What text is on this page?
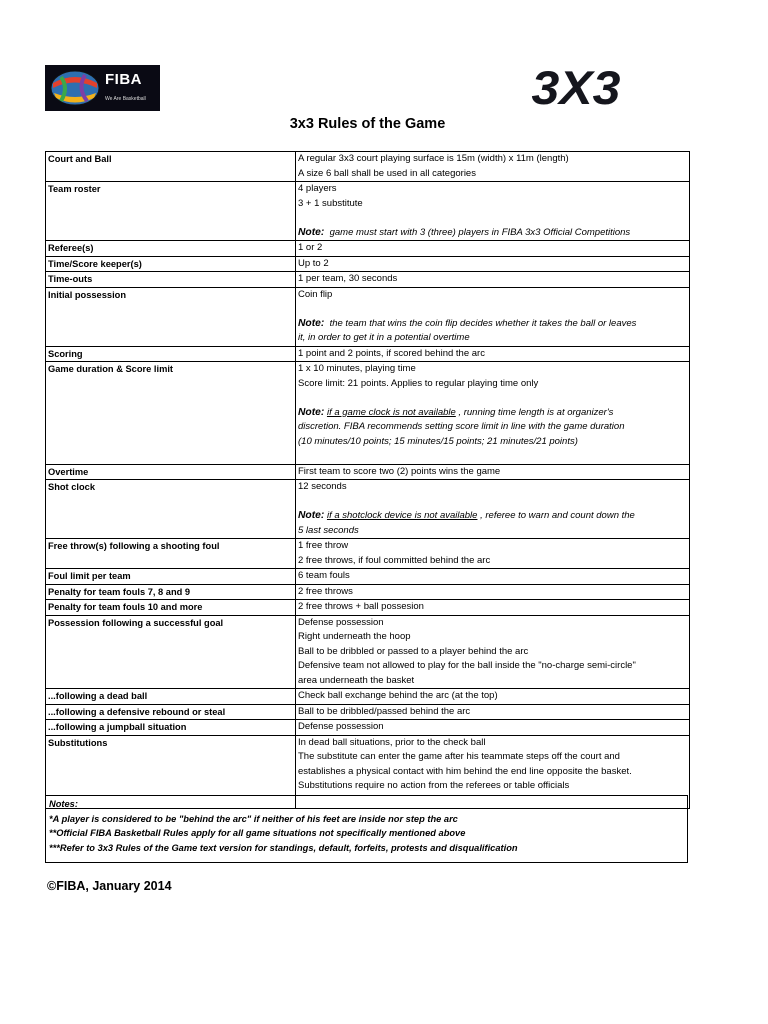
FIBA
We Are Basketball	3X3
3x3 Rules of the Game
Court and Ball	A regular 3x3 court playing surface is 15m (width) x 11m (length)
A size 6 ball shall be used in all categories

Team roster	4 players
3 + 1 substitute

Note:  game must start with 3 (three) players in FIBA 3x3 Official Competitions

Referee(s)	1 or 2

Time/Score keeper(s)	Up to 2

Time-outs	1 per team, 30 seconds

Initial possession	Coin flip

Note:  the team that wins the coin flip decides whether it takes the ball or leaves
it, in order to get it in a potential overtime

Scoring	1 point and 2 points, if scored behind the arc

Game duration & Score limit	1 x 10 minutes, playing time
Score limit: 21 points. Applies to regular playing time only

Note: if a game clock is not available , running time length is at organizer's
discretion. FIBA recommends setting score limit in line with the game duration
(10 minutes/10 points; 15 minutes/15 points; 21 minutes/21 points)

Overtime	First team to score two (2) points wins the game

Shot clock	12 seconds

Note: if a shotclock device is not available , referee to warn and count down the
5 last seconds

Free throw(s) following a shooting foul	1 free throw
2 free throws, if foul committed behind the arc

Foul limit per team	6 team fouls

Penalty for team fouls 7, 8 and 9	2 free throws

Penalty for team fouls 10 and more	2 free throws + ball possesion

Possession following a successful goal	Defense possession
Right underneath the hoop
Ball to be dribbled or passed to a player behind the arc
Defensive team not allowed to play for the ball inside the "no-charge semi-circle"
area underneath the basket

...following a dead ball	Check ball exchange behind the arc (at the top)

...following a defensive rebound or steal	Ball to be dribbled/passed behind the arc

...following a jumpball situation	Defense possession

Substitutions	In dead ball situations, prior to the check ball
The substitute can enter the game after his teammate steps off the court and
establishes a physical contact with him behind the end line opposite the basket.
Substitutions require no action from the referees or table officials

Notes:
*A player is considered to be "behind the arc" if neither of his feet are inside nor step the arc
**Official FIBA Basketball Rules apply for all game situations not specifically mentioned above
***Refer to 3x3 Rules of the Game text version for standings, default, forfeits, protests and disqualification
©FIBA, January 2014
